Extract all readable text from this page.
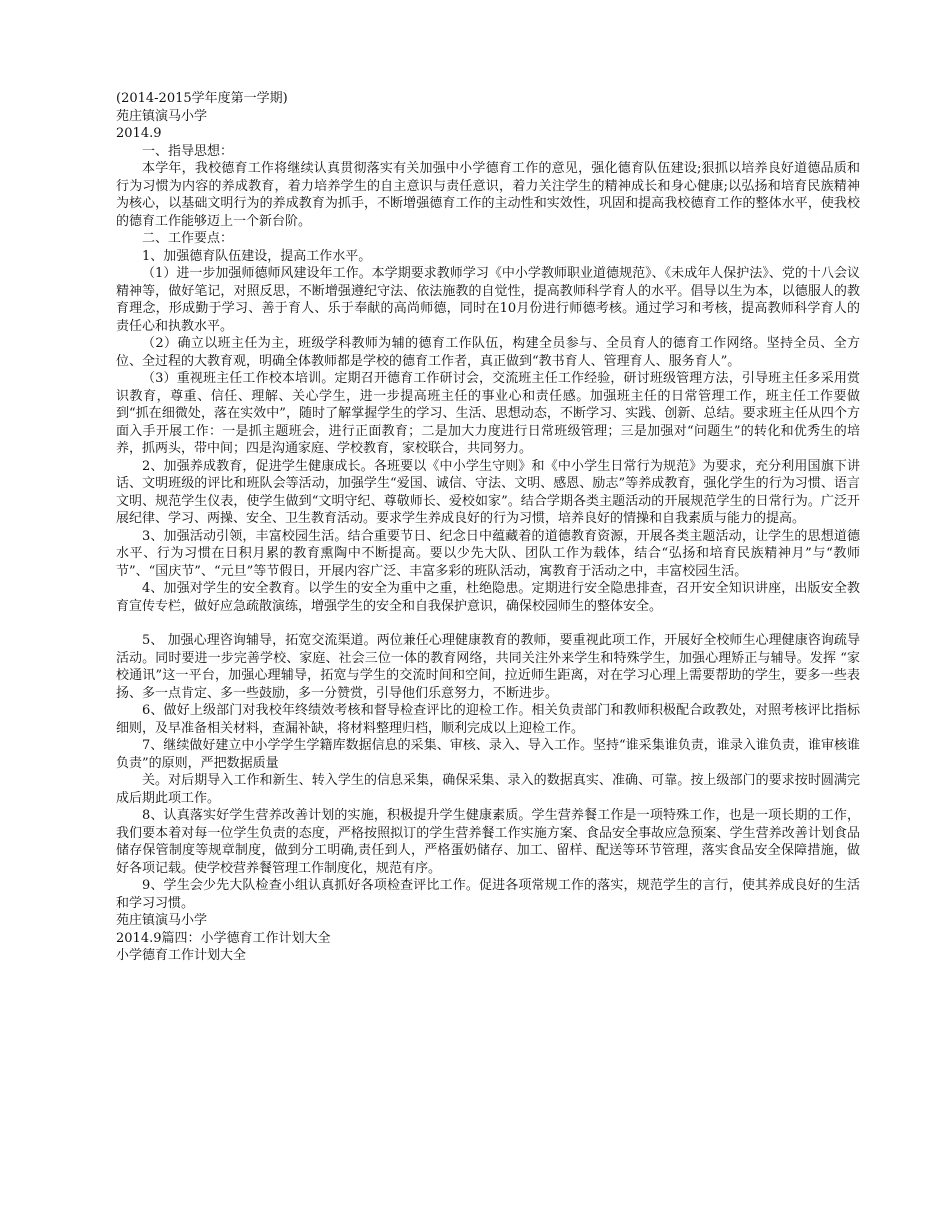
(2014-2015学年度第一学期)

苑庄镇演马小学

2014.9

一、指导思想：

本学年，我校德育工作将继续认真贯彻落实有关加强中小学德育工作的意见，强化德育队伍建设;狠抓以培养良好道德品质和行为习惯为内容的养成教育，着力培养学生的自主意识与责任意识，着力关注学生的精神成长和身心健康;以弘扬和培育民族精神为核心，以基础文明行为的养成教育为抓手，不断增强德育工作的主动性和实效性，巩固和提高我校德育工作的整体水平，使我校的德育工作能够迈上一个新台阶。

二、工作要点：

1、加强德育队伍建设，提高工作水平。

（1）进一步加强师德师风建设年工作。本学期要求教师学习《中小学教师职业道德规范》、《未成年人保护法》、党的十八会议精神等，做好笔记，对照反思，不断增强遵纪守法、依法施教的自觉性，提高教师科学育人的水平。倡导以生为本，以德服人的教育理念，形成勤于学习、善于育人、乐于奉献的高尚师德，同时在10月份进行师德考核。通过学习和考核，提高教师科学育人的责任心和执教水平。

（2）确立以班主任为主，班级学科教师为辅的德育工作队伍，构建全员参与、全员育人的德育工作网络。坚持全员、全方位、全过程的大教育观，明确全体教师都是学校的德育工作者，真正做到“教书育人、管理育人、服务育人”。

（3）重视班主任工作校本培训。定期召开德育工作研讨会，交流班主任工作经验，研讨班级管理方法，引导班主任多采用赏识教育，尊重、信任、理解、关心学生，进一步提高班主任的事业心和责任感。加强班主任的日常管理工作，班主任工作要做到“抓在细微处，落在实效中”，随时了解掌握学生的学习、生活、思想动态，不断学习、实践、创新、总结。要求班主任从四个方面入手开展工作：一是抓主题班会，进行正面教育；二是加大力度进行日常班级管理；三是加强对“问题生”的转化和优秀生的培养，抓两头，带中间；四是沟通家庭、学校教育，家校联合，共同努力。

2、加强养成教育，促进学生健康成长。各班要以《中小学生守则》和《中小学生日常行为规范》为要求，充分利用国旗下讲话、文明班级的评比和班队会等活动，加强学生“爱国、诚信、守法、文明、感恩、励志”等养成教育，强化学生的行为习惯、语言文明、规范学生仪表，使学生做到“文明守纪、尊敬师长、爱校如家”。结合学期各类主题活动的开展规范学生的日常行为。广泛开展纪律、学习、两操、安全、卫生教育活动。要求学生养成良好的行为习惯，培养良好的情操和自我素质与能力的提高。

3、加强活动引领，丰富校园生活。结合重要节日、纪念日中蕴藏着的道德教育资源，开展各类主题活动，让学生的思想道德水平、行为习惯在日积月累的教育熏陶中不断提高。要以少先大队、团队工作为载体，结合“弘扬和培育民族精神月”与“教师节”、“国庆节”、“元旦”等节假日，开展内容广泛、丰富多彩的班队活动，寓教育于活动之中，丰富校园生活。

4、加强对学生的安全教育。以学生的安全为重中之重，杜绝隐患。定期进行安全隐患排查，召开安全知识讲座，出版安全教育宣传专栏，做好应急疏散演练，增强学生的安全和自我保护意识，确保校园师生的整体安全。

5、 加强心理咨询辅导，拓宽交流渠道。两位兼任心理健康教育的教师，要重视此项工作，开展好全校师生心理健康咨询疏导活动。同时要进一步完善学校、家庭、社会三位一体的教育网络，共同关注外来学生和特殊学生，加强心理矫正与辅导。发挥 “家校通讯”这一平台，加强心理辅导，拓宽与学生的交流时间和空间，拉近师生距离，对在学习心理上需要帮助的学生，要多一些表扬、多一点肯定、多一些鼓励，多一分赞赏，引导他们乐意努力，不断进步。

6、做好上级部门对我校年终绩效考核和督导检查评比的迎检工作。相关负责部门和教师积极配合政教处，对照考核评比指标细则，及早准备相关材料，查漏补缺，将材料整理归档，顺利完成以上迎检工作。

7、继续做好建立中小学学生学籍库数据信息的采集、审核、录入、导入工作。坚持“谁采集谁负责，谁录入谁负责，谁审核谁负责”的原则，严把数据质量

关。对后期导入工作和新生、转入学生的信息采集，确保采集、录入的数据真实、准确、可靠。按上级部门的要求按时圆满完成后期此项工作。

8、认真落实好学生营养改善计划的实施，积极提升学生健康素质。学生营养餐工作是一项特殊工作，也是一项长期的工作，我们要本着对每一位学生负责的态度，严格按照拟订的学生营养餐工作实施方案、食品安全事故应急预案、学生营养改善计划食品储存保管制度等规章制度，做到分工明确,责任到人，严格蛋奶储存、加工、留样、配送等环节管理，落实食品安全保障措施，做好各项记载。使学校营养餐管理工作制度化，规范有序。

9、学生会少先大队检查小组认真抓好各项检查评比工作。促进各项常规工作的落实，规范学生的言行，使其养成良好的生活和学习习惯。

苑庄镇演马小学

2014.9篇四：小学德育工作计划大全

小学德育工作计划大全
